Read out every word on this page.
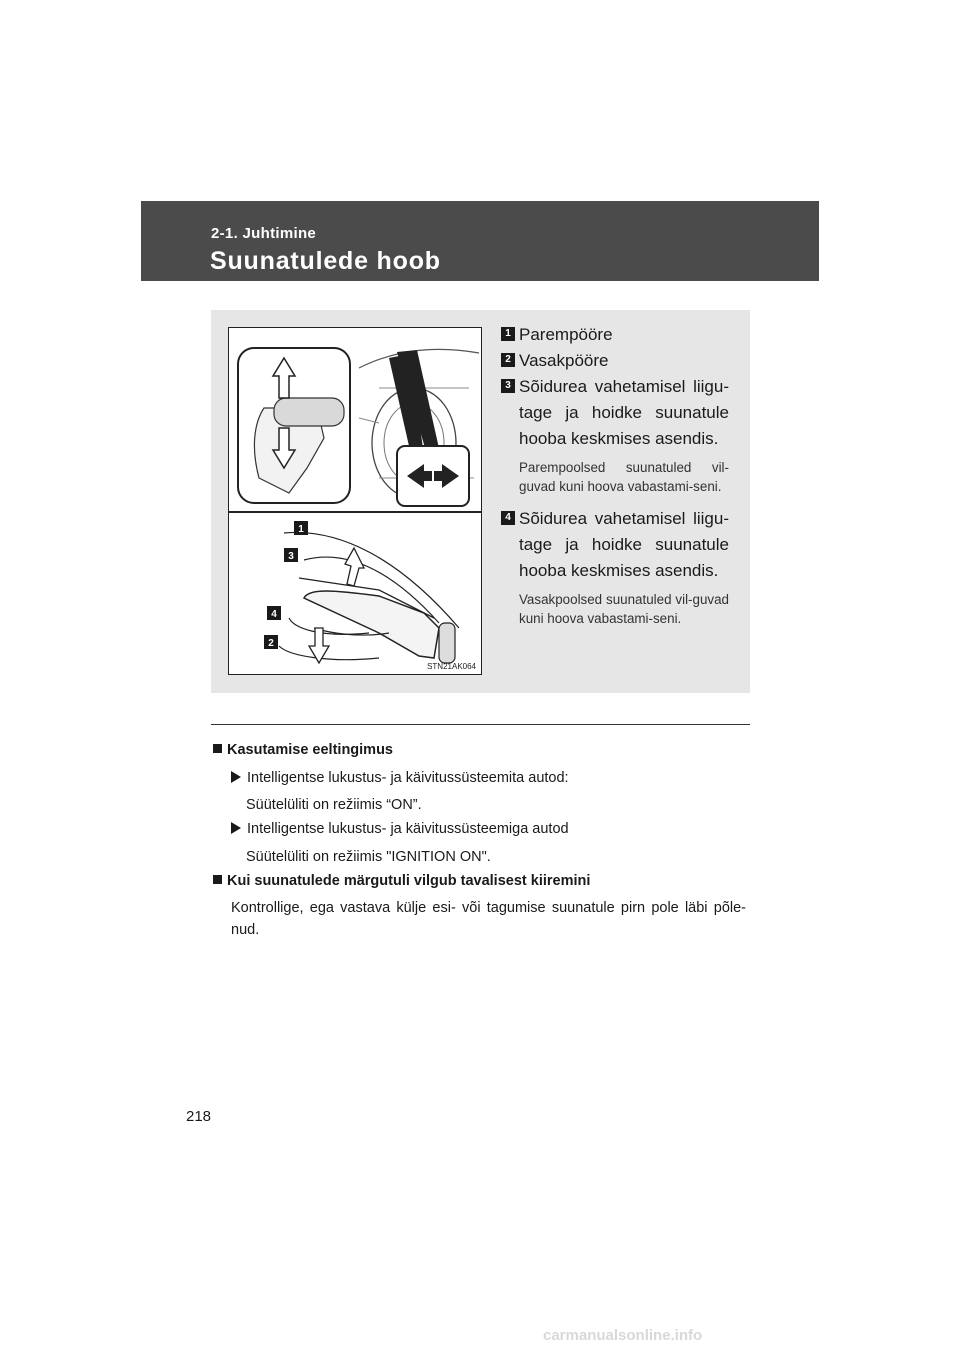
2-1. Juhtimine
Suunatulede hoob
1
3
4
2
STN21AK064
1 Parempööre
2 Vasakpööre
3 Sõidurea vahetamisel liigu-tage ja hoidke suunatule hooba keskmises asendis.
Parempoolsed suunatuled vil-guvad kuni hoova vabastami-seni.
4 Sõidurea vahetamisel liigu-tage ja hoidke suunatule hooba keskmises asendis.
Vasakpoolsed suunatuled vil-guvad kuni hoova vabastami-seni.
Kasutamise eeltingimus
Intelligentse lukustus- ja käivitussüsteemita autod:
Süütelüliti on režiimis “ON”.
Intelligentse lukustus- ja käivitussüsteemiga autod
Süütelüliti on režiimis "IGNITION ON".
Kui suunatulede märgutuli vilgub tavalisest kiiremini
Kontrollige, ega vastava külje esi- või tagumise suunatule pirn pole läbi põle-nud.
218
carmanualsonline.info
